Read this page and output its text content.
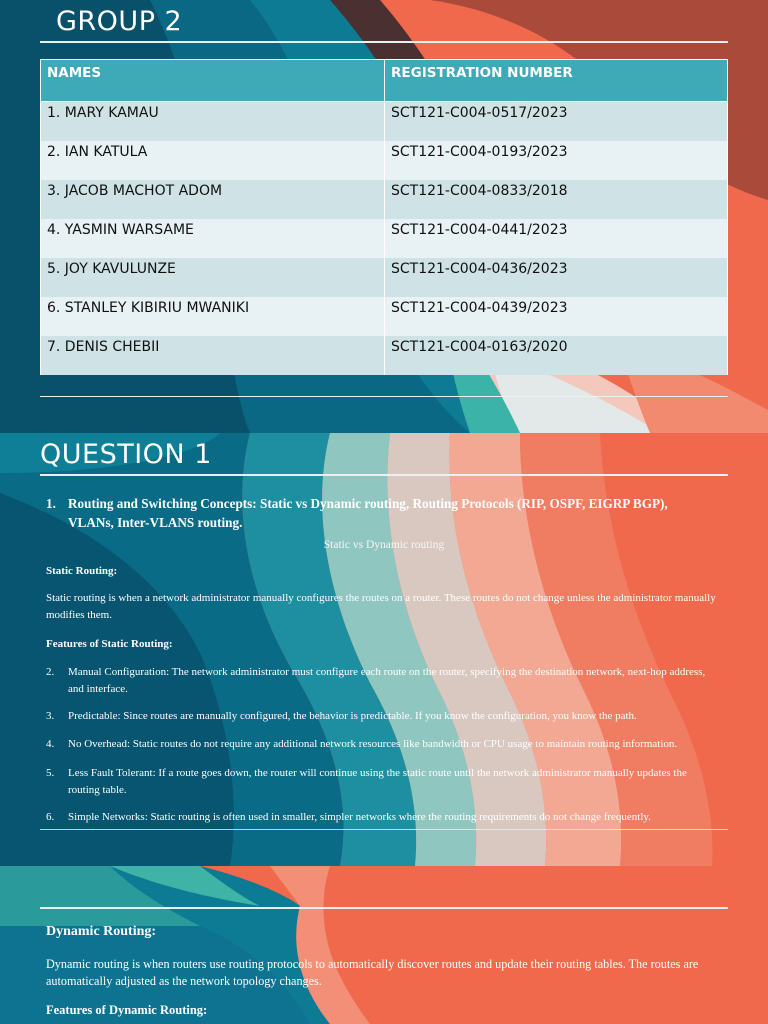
GROUP 2
NAMES	REGISTRATION NUMBER
1. MARY KAMAU	SCT121-C004-0517/2023
2. IAN KATULA	SCT121-C004-0193/2023
3. JACOB MACHOT ADOM	SCT121-C004-0833/2018
4. YASMIN WARSAME	SCT121-C004-0441/2023
5. JOY KAVULUNZE	SCT121-C004-0436/2023
6. STANLEY KIBIRIU MWANIKI	SCT121-C004-0439/2023
7. DENIS CHEBII	SCT121-C004-0163/2020
QUESTION 1
1. Routing and Switching Concepts: Static vs Dynamic routing, Routing Protocols (RIP, OSPF, EIGRP BGP), VLANs, Inter-VLANS routing.
Static vs Dynamic routing
Static Routing:
Static routing is when a network administrator manually configures the routes on a router. These routes do not change unless the administrator manually modifies them.
Features of Static Routing:
2.	Manual Configuration: The network administrator must configure each route on the router, specifying the destination network, next-hop address, and interface.
3.	Predictable: Since routes are manually configured, the behavior is predictable. If you know the configuration, you know the path.
4.	No Overhead: Static routes do not require any additional network resources like bandwidth or CPU usage to maintain routing information.
5.	Less Fault Tolerant: If a route goes down, the router will continue using the static route until the network administrator manually updates the routing table.
6.	Simple Networks: Static routing is often used in smaller, simpler networks where the routing requirements do not change frequently.
Dynamic Routing:
Dynamic routing is when routers use routing protocols to automatically discover routes and update their routing tables. The routes are automatically adjusted as the network topology changes.
Features of Dynamic Routing:
